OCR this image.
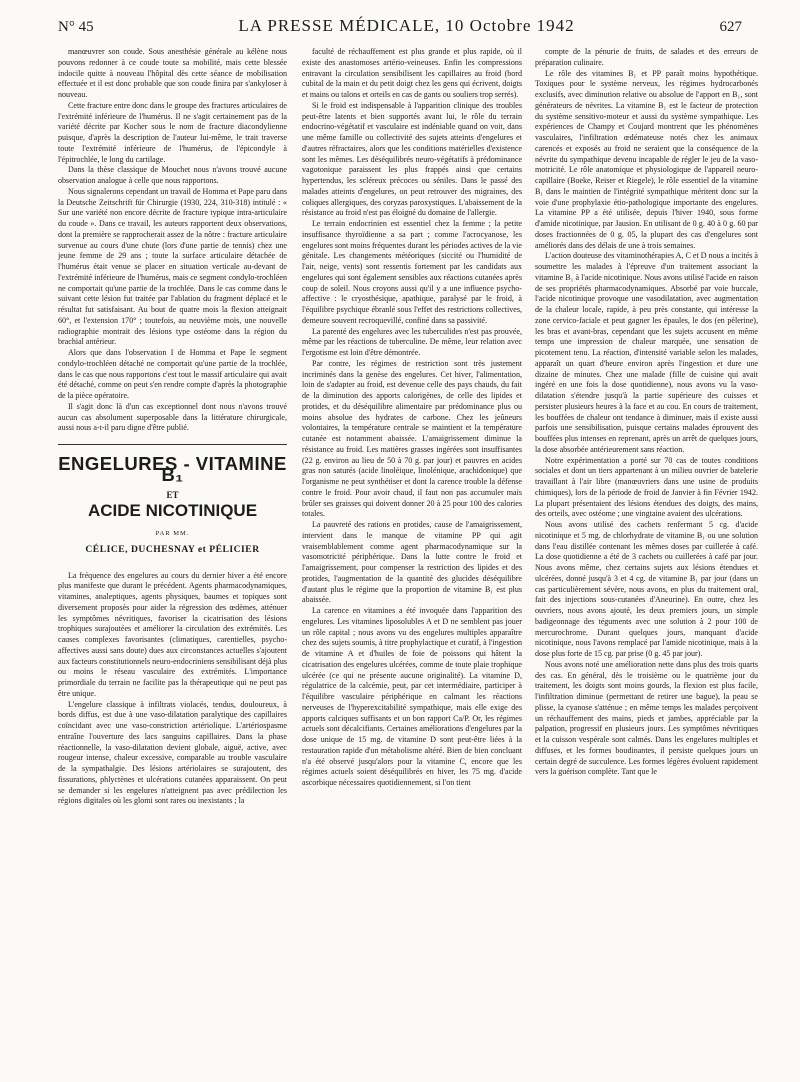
N° 45	LA PRESSE MÉDICALE, 10 Octobre 1942	627

manœuvrer son coude. Sous anesthésie générale au kélène nous pouvons redonner à ce coude toute sa mobilité, mais cette blessée indocile quitte à nouveau l'hôpital dès cette séance de mobilisation effectuée et il est donc probable que son coude finira par s'ankyloser à nouveau.

Cette fracture entre donc dans le groupe des fractures articulaires de l'extrémité inférieure de l'humérus. Il ne s'agit certainement pas de la variété décrite par Kocher sous le nom de fracture diacondylienne puisque, d'après la description de l'auteur lui-même, le trait traverse toute l'extrémité inférieure de l'humérus, de l'épicondyle à l'épitrochlée, le long du cartilage.

Dans la thèse classique de Mouchet nous n'avons trouvé aucune observation analogue à celle que nous rapportons.

Nous signalerons cependant un travail de Homma et Pape paru dans la Deutsche Zeitschrift für Chirurgie (1930, 224, 310-318) intitulé : « Sur une variété non encore décrite de fracture typique intra-articulaire du coude ». Dans ce travail, les auteurs rapportent deux observations, dont la première se rapprocherait assez de la nôtre : fracture articulaire survenue au cours d'une chute (lors d'une partie de tennis) chez une jeune femme de 29 ans ; toute la surface articulaire détachée de l'humérus était venue se placer en situation verticale au-devant de l'extrémité inférieure de l'humérus, mais ce segment condylo-trochléen ne comportait qu'une partie de la trochlée. Dans le cas comme dans le suivant cette lésion fut traitée par l'ablation du fragment déplacé et le résultat fut satisfaisant. Au bout de quatre mois la flexion atteignait 60°, et l'extension 170° ; toutefois, au neuvième mois, une nouvelle radiographie montrait des lésions type ostéome dans la région du brachial antérieur.

Alors que dans l'observation I de Homma et Pape le segment condylo-trochléen détaché ne comportait qu'une partie de la trochlée, dans le cas que nous rapportons c'est tout le massif articulaire qui avait été détaché, comme on peut s'en rendre compte d'après la photographie de la pièce opératoire.

Il s'agit donc là d'un cas exceptionnel dont nous n'avons trouvé aucun cas absolument superposable dans la littérature chirurgicale, aussi nous a-t-il paru digne d'être publié.

ENGELURES - VITAMINE B₁
ET
ACIDE NICOTINIQUE
PAR MM.
CÉLICE, DUCHESNAY et PÉLICIER

La fréquence des engelures au cours du dernier hiver a été encore plus manifeste que durant le précédent. Agents pharmacodynamiques, vitamines, analeptiques, agents physiques, baumes et topiques sont diversement proposés pour aider la régression des œdèmes, atténuer les symptômes névritiques, favoriser la cicatrisation des lésions trophiques surajoutées et améliorer la circulation des extrémités. Les causes complexes favorisantes (climatiques, carentielles, psycho-affectives aussi sans doute) dues aux circonstances actuelles s'ajoutent aux facteurs constitutionnels neuro-endocriniens sensibilisant déjà plus ou moins le réseau vasculaire des extrémités. L'importance primordiale du terrain ne facilite pas la thérapeutique qui ne peut pas être unique.

L'engelure classique à infiltrats violacés, tendus, douloureux, à bords diffus, est due à une vaso-dilatation paralytique des capillaires coïncidant avec une vaso-constriction artériolique. L'artériospasme entraîne l'ouverture des lacs sanguins capillaires. Dans la phase réactionnelle, la vaso-dilatation devient globale, aiguë, active, avec rougeur intense, chaleur excessive, comparable au trouble vasculaire de la sympathalgie. Des lésions artériolaires se surajoutent, des fissurations, phlyctènes et ulcérations cutanées apparaissent. On peut se demander si les engelures n'atteignent pas avec prédilection les régions digitales où les glomi sont rares ou inexistants ; la

faculté de réchauffement est plus grande et plus rapide, où il existe des anastomoses artério-veineuses. Enfin les compressions entravant la circulation sensibilisent les capillaires au froid (bord cubital de la main et du petit doigt chez les gens qui écrivent, doigts et mains ou talons et orteils en cas de gants ou souliers trop serrés).

Si le froid est indispensable à l'apparition clinique des troubles peut-être latents et bien supportés avant lui, le rôle du terrain endocrino-végétatif et vasculaire est indéniable quand on voit, dans une même famille ou collectivité des sujets atteints d'engelures et d'autres réfractaires, alors que les conditions matérielles d'existence sont les mêmes. Les déséquilibrés neuro-végétatifs à prédominance vagotonique paraissent les plus frappés ainsi que certains hypertendus, les scléreux précoces ou séniles. Dans le passé des malades atteints d'engelures, on peut retrouver des migraines, des coliques allergiques, des coryzas paroxystiques. L'abaissement de la résistance au froid n'est pas éloigné du domaine de l'allergie.

Le terrain endocrinien est essentiel chez la femme ; la petite insuffisance thyroïdienne a sa part ; comme l'acrocyanose, les engelures sont moins fréquentes durant les périodes actives de la vie génitale. Les changements météoriques (siccité ou l'humidité de l'air, neige, vents) sont ressentis fortement par les candidats aux engelures qui sont également sensibles aux réactions cutanées après coup de soleil. Nous croyons aussi qu'il y a une influence psycho-affective : le cryosthésique, apathique, paralysé par le froid, à l'équilibre psychique ébranlé sous l'effet des restrictions collectives, demeure souvent recroquevillé, confiné dans sa passivité.

La parenté des engelures avec les tuberculides n'est pas prouvée, même par les réactions de tuberculine. De même, leur relation avec l'ergotisme est loin d'être démontrée.

Par contre, les régimes de restriction sont très justement incriminés dans la genèse des engelures. Cet hiver, l'alimentation, loin de s'adapter au froid, est devenue celle des pays chauds, du fait de la diminution des apports calorigènes, de celle des lipides et protides, et du déséquilibre alimentaire par prédominance plus ou moins absolue des hydrates de carbone. Chez les jeûneurs volontaires, la température centrale se maintient et la température cutanée est notamment abaissée. L'amaigrissement diminue la résistance au froid. Les matières grasses ingérées sont insuffisantes (22 g. environ au lieu de 50 à 70 g. par jour) et pauvres en acides gras non saturés (acide linoléique, linolénique, arachidonique) que l'organisme ne peut synthétiser et dont la carence trouble la défense contre le froid. Pour avoir chaud, il faut non pas accumuler mais brûler ses graisses qui doivent donner 20 à 25 pour 100 des calories totales.

La pauvreté des rations en protides, cause de l'amaigrissement, intervient dans le manque de vitamine PP qui agit vraisemblablement comme agent pharmacodynamique sur la vasomotricité périphérique. Dans la lutte contre le froid et l'amaigrissement, pour compenser la restriction des lipides et des protides, l'augmentation de la quantité des glucides déséquilibre d'autant plus le régime que la proportion de vitamine B₁ est plus abaissée.

La carence en vitamines a été invoquée dans l'apparition des engelures. Les vitamines liposolubles A et D ne semblent pas jouer un rôle capital ; nous avons vu des engelures multiples apparaître chez des sujets soumis, à titre prophylactique et curatif, à l'ingestion de vitamine A et d'huiles de foie de poissons qui hâtent la cicatrisation des engelures ulcérées, comme de toute plaie trophique ulcérée (ce qui ne présente aucune originalité). La vitamine D, régulatrice de la calcémie, peut, par cet intermédiaire, participer à l'équilibre vasculaire périphérique en calmant les réactions nerveuses de l'hyperexcitabilité sympathique, mais elle exige des apports calciques suffisants et un bon rapport Ca/P. Or, les régimes actuels sont décalcifiants. Certaines améliorations d'engelures par la dose unique de 15 mg. de vitamine D sont peut-être liées à la restauration rapide d'un métabolisme altéré. Bien de bien concluant n'a été observé jusqu'alors pour la vitamine C, encore que les régimes actuels soient déséquilibrés en hiver, les 75 mg. d'acide ascorbique nécessaires quotidiennement, si l'on tient

compte de la pénurie de fruits, de salades et des erreurs de préparation culinaire.

Le rôle des vitamines B₁ et PP paraît moins hypothétique. Toxiques pour le système nerveux, les régimes hydrocarbonés exclusifs, avec diminution relative ou absolue de l'apport en B₁, sont générateurs de névrites. La vitamine B₁ est le facteur de protection du système sensitivo-moteur et aussi du système sympathique. Les expériences de Champy et Coujard montrent que les phénomènes vasculaires, l'infiltration œdémateuse notés chez les animaux carencés et exposés au froid ne seraient que la conséquence de la névrite du sympathique devenu incapable de régler le jeu de la vaso-motricité. Le rôle anatomique et physiologique de l'appareil neuro-capillaire (Boeke, Reiser et Riegele), le rôle essentiel de la vitamine B₁ dans le maintien de l'intégrité sympathique méritent donc sur la voie d'une prophylaxie étio-pathologique importante des engelures. La vitamine PP a été utilisée, depuis l'hiver 1940, sous forme d'amide nicotinique, par Jausion. En utilisant de 0 g. 40 à 0 g. 60 par doses fractionnées de 0 g. 05, la plupart des cas d'engelures sont améliorés dans des délais de une à trois semaines.

L'action douteuse des vitaminothérapies A, C et D nous a incités à soumettre les malades à l'épreuve d'un traitement associant la vitamine B₁ à l'acide nicotinique. Nous avons utilisé l'acide en raison de ses propriétés pharmacodynamiques. Absorbé par voie buccale, l'acide nicotinique provoque une vasodilatation, avec augmentation de la chaleur locale, rapide, à peu près constante, qui intéresse la zone cervico-faciale et peut gagner les épaules, le dos (en pèlerine), les bras et avant-bras, cependant que les sujets accusent en même temps une impression de chaleur marquée, une sensation de picotement tenu. La réaction, d'intensité variable selon les malades, apparaît un quart d'heure environ après l'ingestion et dure une dizaine de minutes. Chez une malade (fille de cuisine qui avait ingéré en une fois la dose quotidienne), nous avons vu la vaso-dilatation s'étendre jusqu'à la partie supérieure des cuisses et persister plusieurs heures à la face et au cou. En cours de traitement, les bouffées de chaleur ont tendance à diminuer, mais il existe aussi parfois une sensibilisation, puisque certains malades éprouvent des bouffées plus intenses en reprenant, après un arrêt de quelques jours, la dose absorbée antérieurement sans réaction.

Notre expérimentation a porté sur 70 cas de toutes conditions sociales et dont un tiers appartenant à un milieu ouvrier de batelerie travaillant à l'air libre (manœuvriers dans une usine de produits chimiques), lors de la période de froid de Janvier à fin Février 1942. La plupart présentaient des lésions étendues des doigts, des mains, des orteils, avec ostéome ; une vingtaine avaient des ulcérations.

Nous avons utilisé des cachets renfermant 5 cg. d'acide nicotinique et 5 mg. de chlorhydrate de vitamine B₁ ou une solution dans l'eau distillée contenant les mêmes doses par cuillerée à café. La dose quotidienne a été de 3 cachets ou cuillerées à café par jour. Nous avons même, chez certains sujets aux lésions étendues et ulcérées, donné jusqu'à 3 et 4 cg. de vitamine B₁ par jour (dans un cas particulièrement sévère, nous avons, en plus du traitement oral, fait des injections sous-cutanées d'Aneurine). En outre, chez les ouvriers, nous avons ajouté, les deux premiers jours, un simple badigeonnage des téguments avec une solution à 2 pour 100 de mercurochrome. Durant quelques jours, manquant d'acide nicotinique, nous l'avons remplacé par l'amide nicotinique, mais à la dose plus forte de 15 cg. par prise (0 g. 45 par jour).

Nous avons noté une amélioration nette dans plus des trois quarts des cas. En général, dès le troisième ou le quatrième jour du traitement, les doigts sont moins gourds, la flexion est plus facile, l'infiltration diminue (permettant de retirer une bague), la peau se plisse, la cyanose s'atténue ; en même temps les malades perçoivent un réchauffement des mains, pieds et jambes, appréciable par la palpation, progressif en plusieurs jours. Les symptômes névritiques et la cuisson vespérale sont calmés. Dans les engelures multiples et diffuses, et les formes boudinantes, il persiste quelques jours un certain degré de succulence. Les formes légères évoluent rapidement vers la guérison complète. Tant que le
